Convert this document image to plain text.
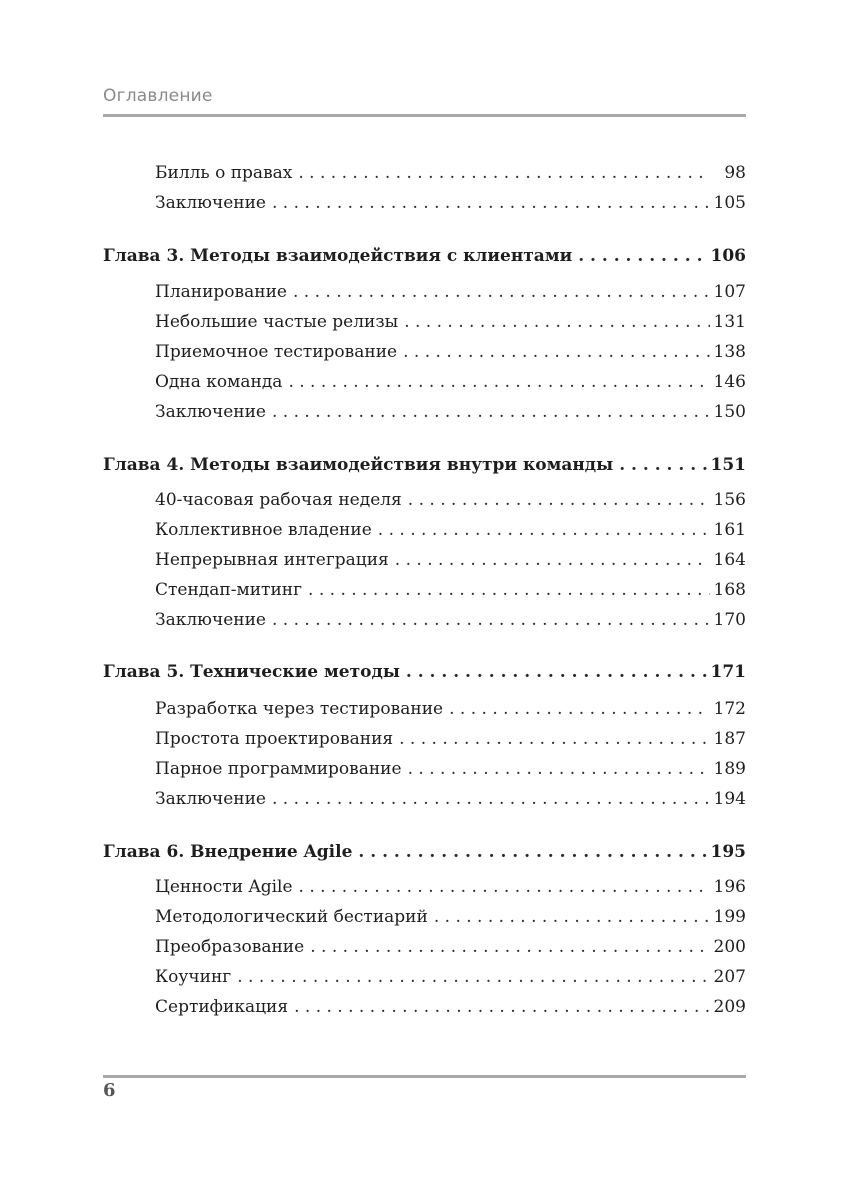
Оглавление
Билль о правах . . .	98
Заключение . . .	105
Глава 3. Методы взаимодействия с клиентами . . .	106
Планирование . . .	107
Небольшие частые релизы . . .	131
Приемочное тестирование . . .	138
Одна команда . . .	146
Заключение . . .	150
Глава 4. Методы взаимодействия внутри команды . . .	151
40-часовая рабочая неделя . . .	156
Коллективное владение . . .	161
Непрерывная интеграция . . .	164
Стендап-митинг . . .	168
Заключение . . .	170
Глава 5. Технические методы . . .	171
Разработка через тестирование . . .	172
Простота проектирования . . .	187
Парное программирование . . .	189
Заключение . . .	194
Глава 6. Внедрение Agile . . .	195
Ценности Agile . . .	196
Методологический бестиарий . . .	199
Преобразование . . .	200
Коучинг . . .	207
Сертификация . . .	209
6
